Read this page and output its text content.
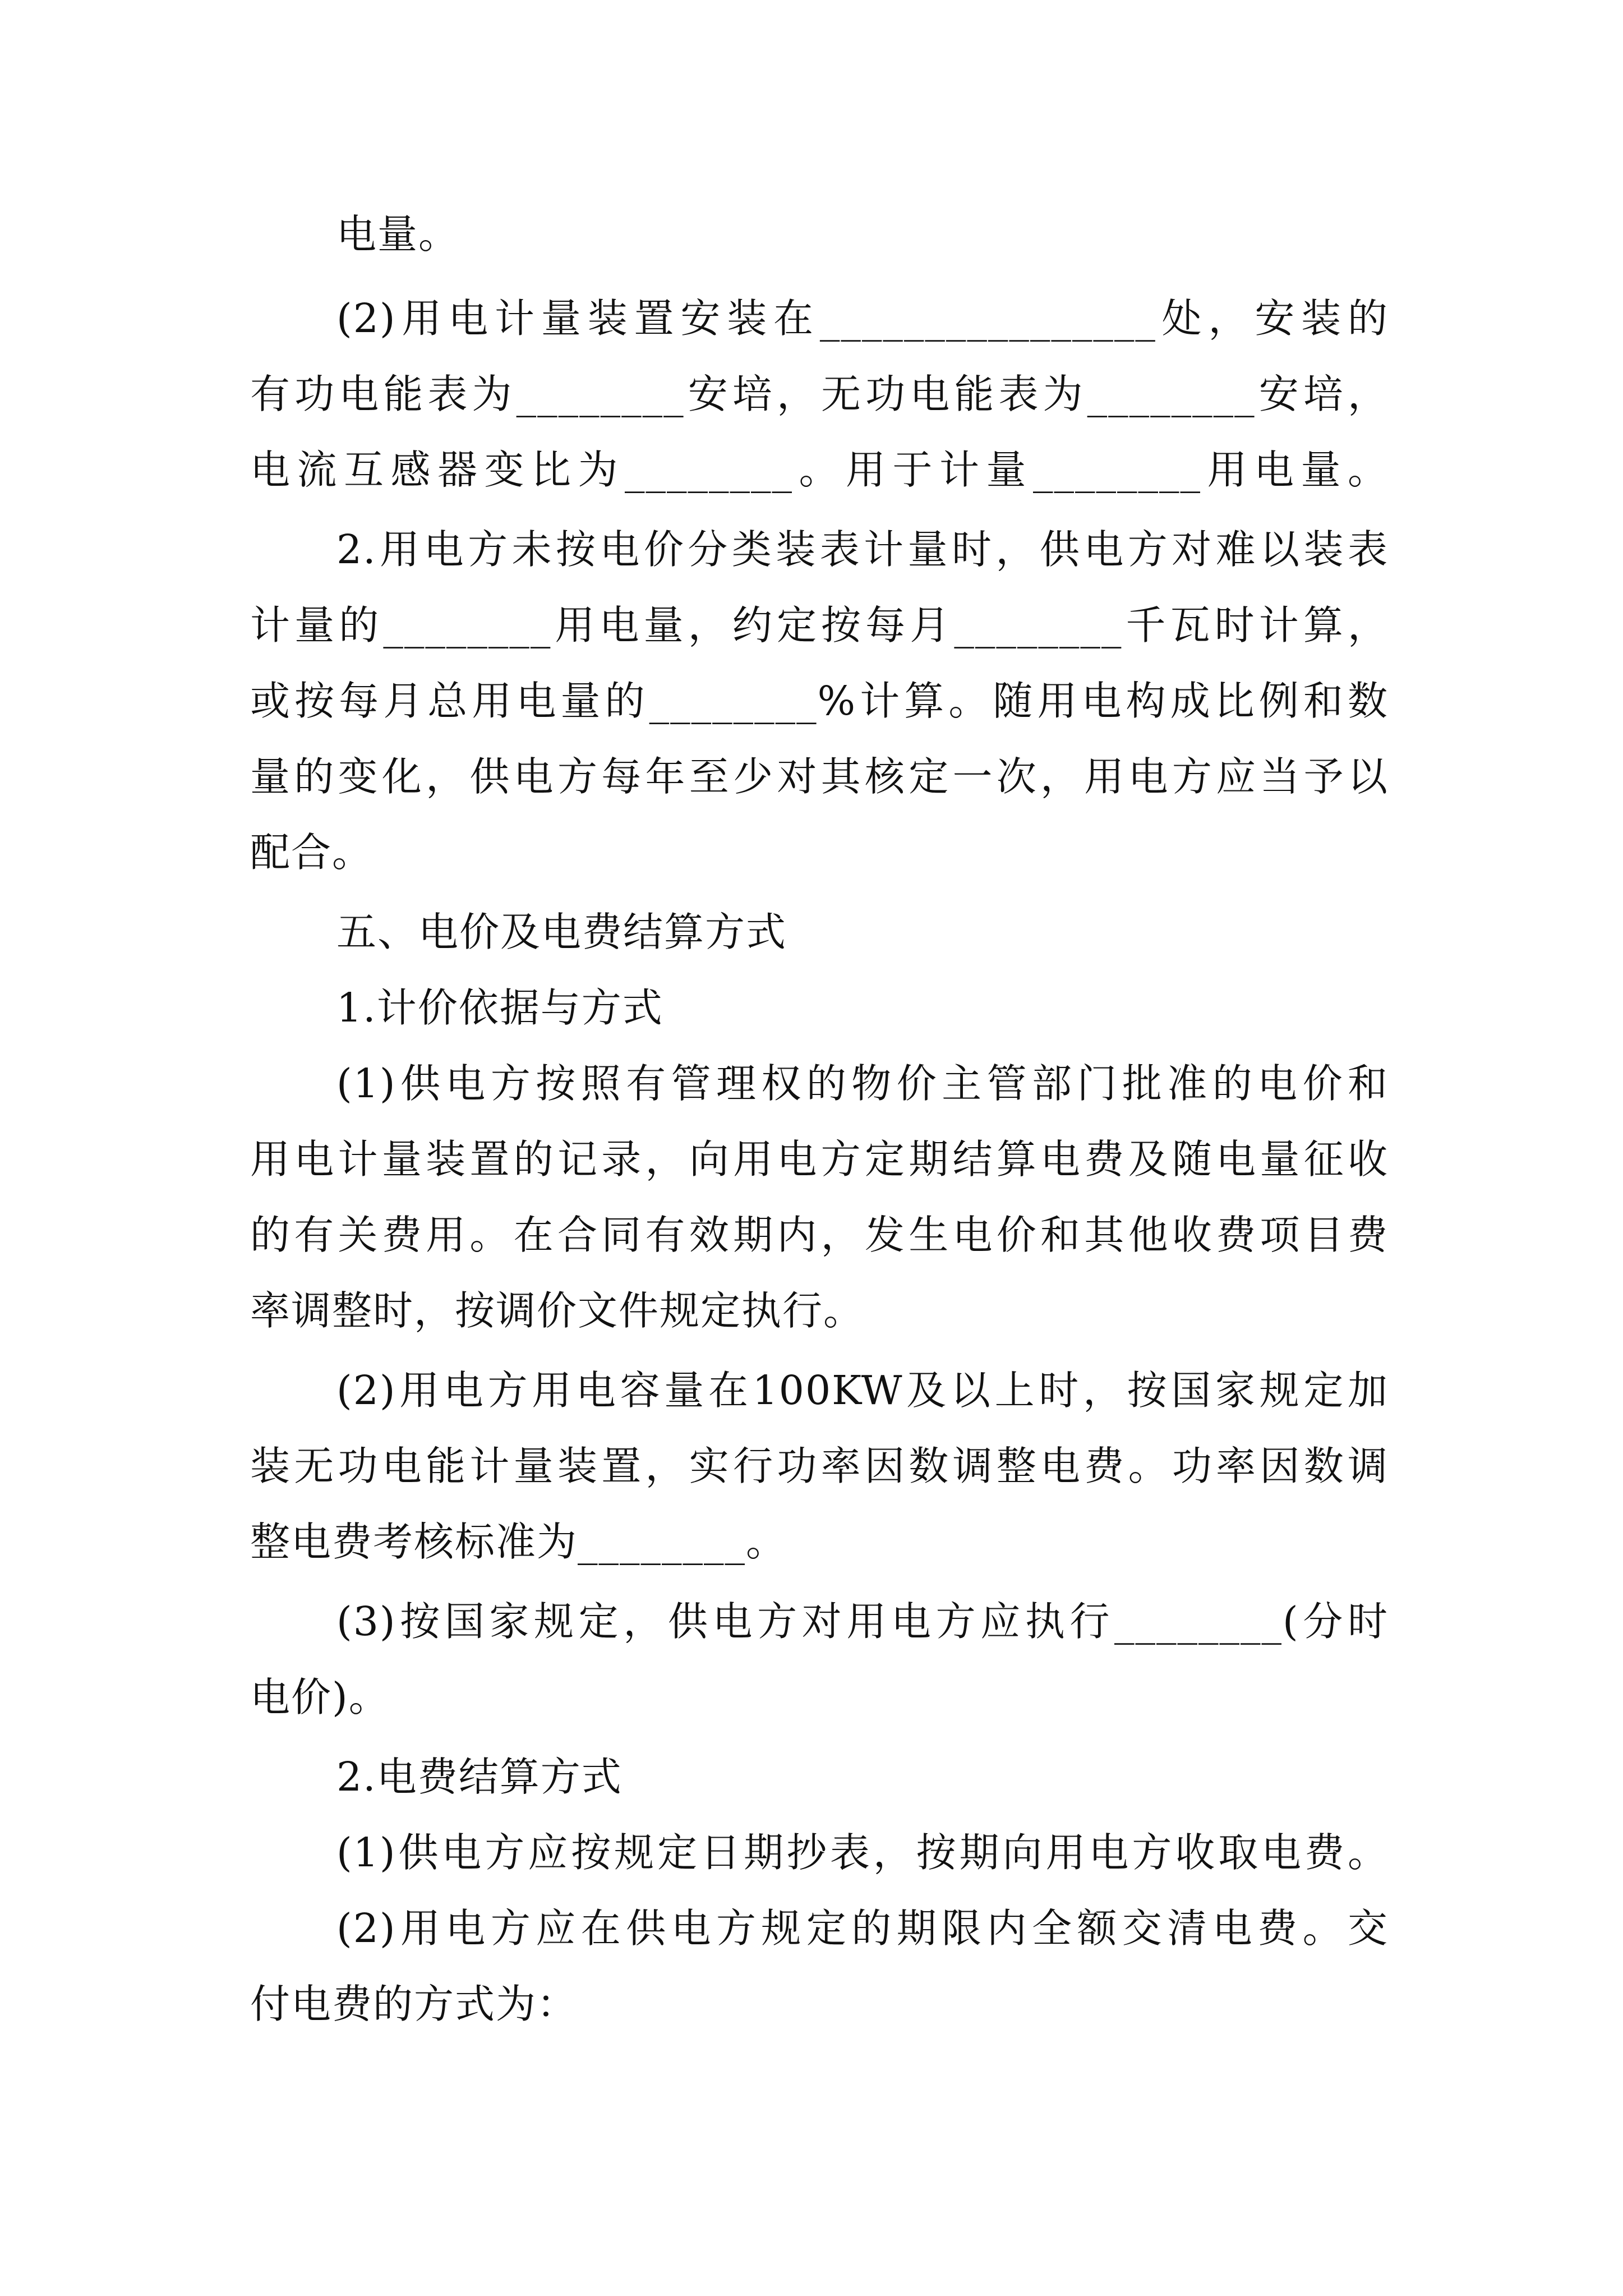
电量。
(2)用电计量装置安装在________________处，安装的
有功电能表为________安培，无功电能表为________安培，
电流互感器变比为________。用于计量________用电量。
2.用电方未按电价分类装表计量时，供电方对难以装表
计量的________用电量，约定按每月________千瓦时计算，
或按每月总用电量的________%计算。随用电构成比例和数
量的变化，供电方每年至少对其核定一次，用电方应当予以
配合。
五、电价及电费结算方式
1.计价依据与方式
(1)供电方按照有管理权的物价主管部门批准的电价和
用电计量装置的记录，向用电方定期结算电费及随电量征收
的有关费用。在合同有效期内，发生电价和其他收费项目费
率调整时，按调价文件规定执行。
(2)用电方用电容量在100KW及以上时，按国家规定加
装无功电能计量装置，实行功率因数调整电费。功率因数调
整电费考核标准为________。
(3)按国家规定，供电方对用电方应执行________(分时
电价)。
2.电费结算方式
(1)供电方应按规定日期抄表，按期向用电方收取电费。
(2)用电方应在供电方规定的期限内全额交清电费。交
付电费的方式为：
